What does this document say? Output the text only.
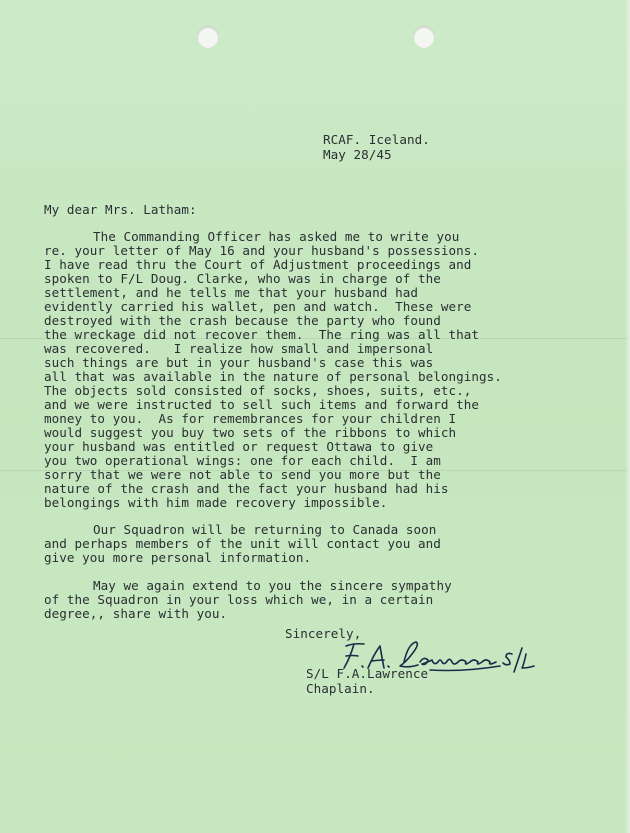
RCAF. Iceland.
May 28/45
My dear Mrs. Latham:
The Commanding Officer has asked me to write you
re. your letter of May 16 and your husband's possessions.
I have read thru the Court of Adjustment proceedings and
spoken to F/L Doug. Clarke, who was in charge of the
settlement, and he tells me that your husband had
evidently carried his wallet, pen and watch.  These were
destroyed with the crash because the party who found
the wreckage did not recover them.  The ring was all that
was recovered.   I realize how small and impersonal
such things are but in your husband's case this was
all that was available in the nature of personal belongings.
The objects sold consisted of socks, shoes, suits, etc.,
and we were instructed to sell such items and forward the
money to you.  As for remembrances for your children I
would suggest you buy two sets of the ribbons to which
your husband was entitled or request Ottawa to give
you two operational wings: one for each child.  I am
sorry that we were not able to send you more but the
nature of the crash and the fact your husband had his
belongings with him made recovery impossible.
Our Squadron will be returning to Canada soon
and perhaps members of the unit will contact you and
give you more personal information.
May we again extend to you the sincere sympathy
of the Squadron in your loss which we, in a certain
degree,, share with you.
Sincerely,
S/L F.A.Lawrence
Chaplain.
